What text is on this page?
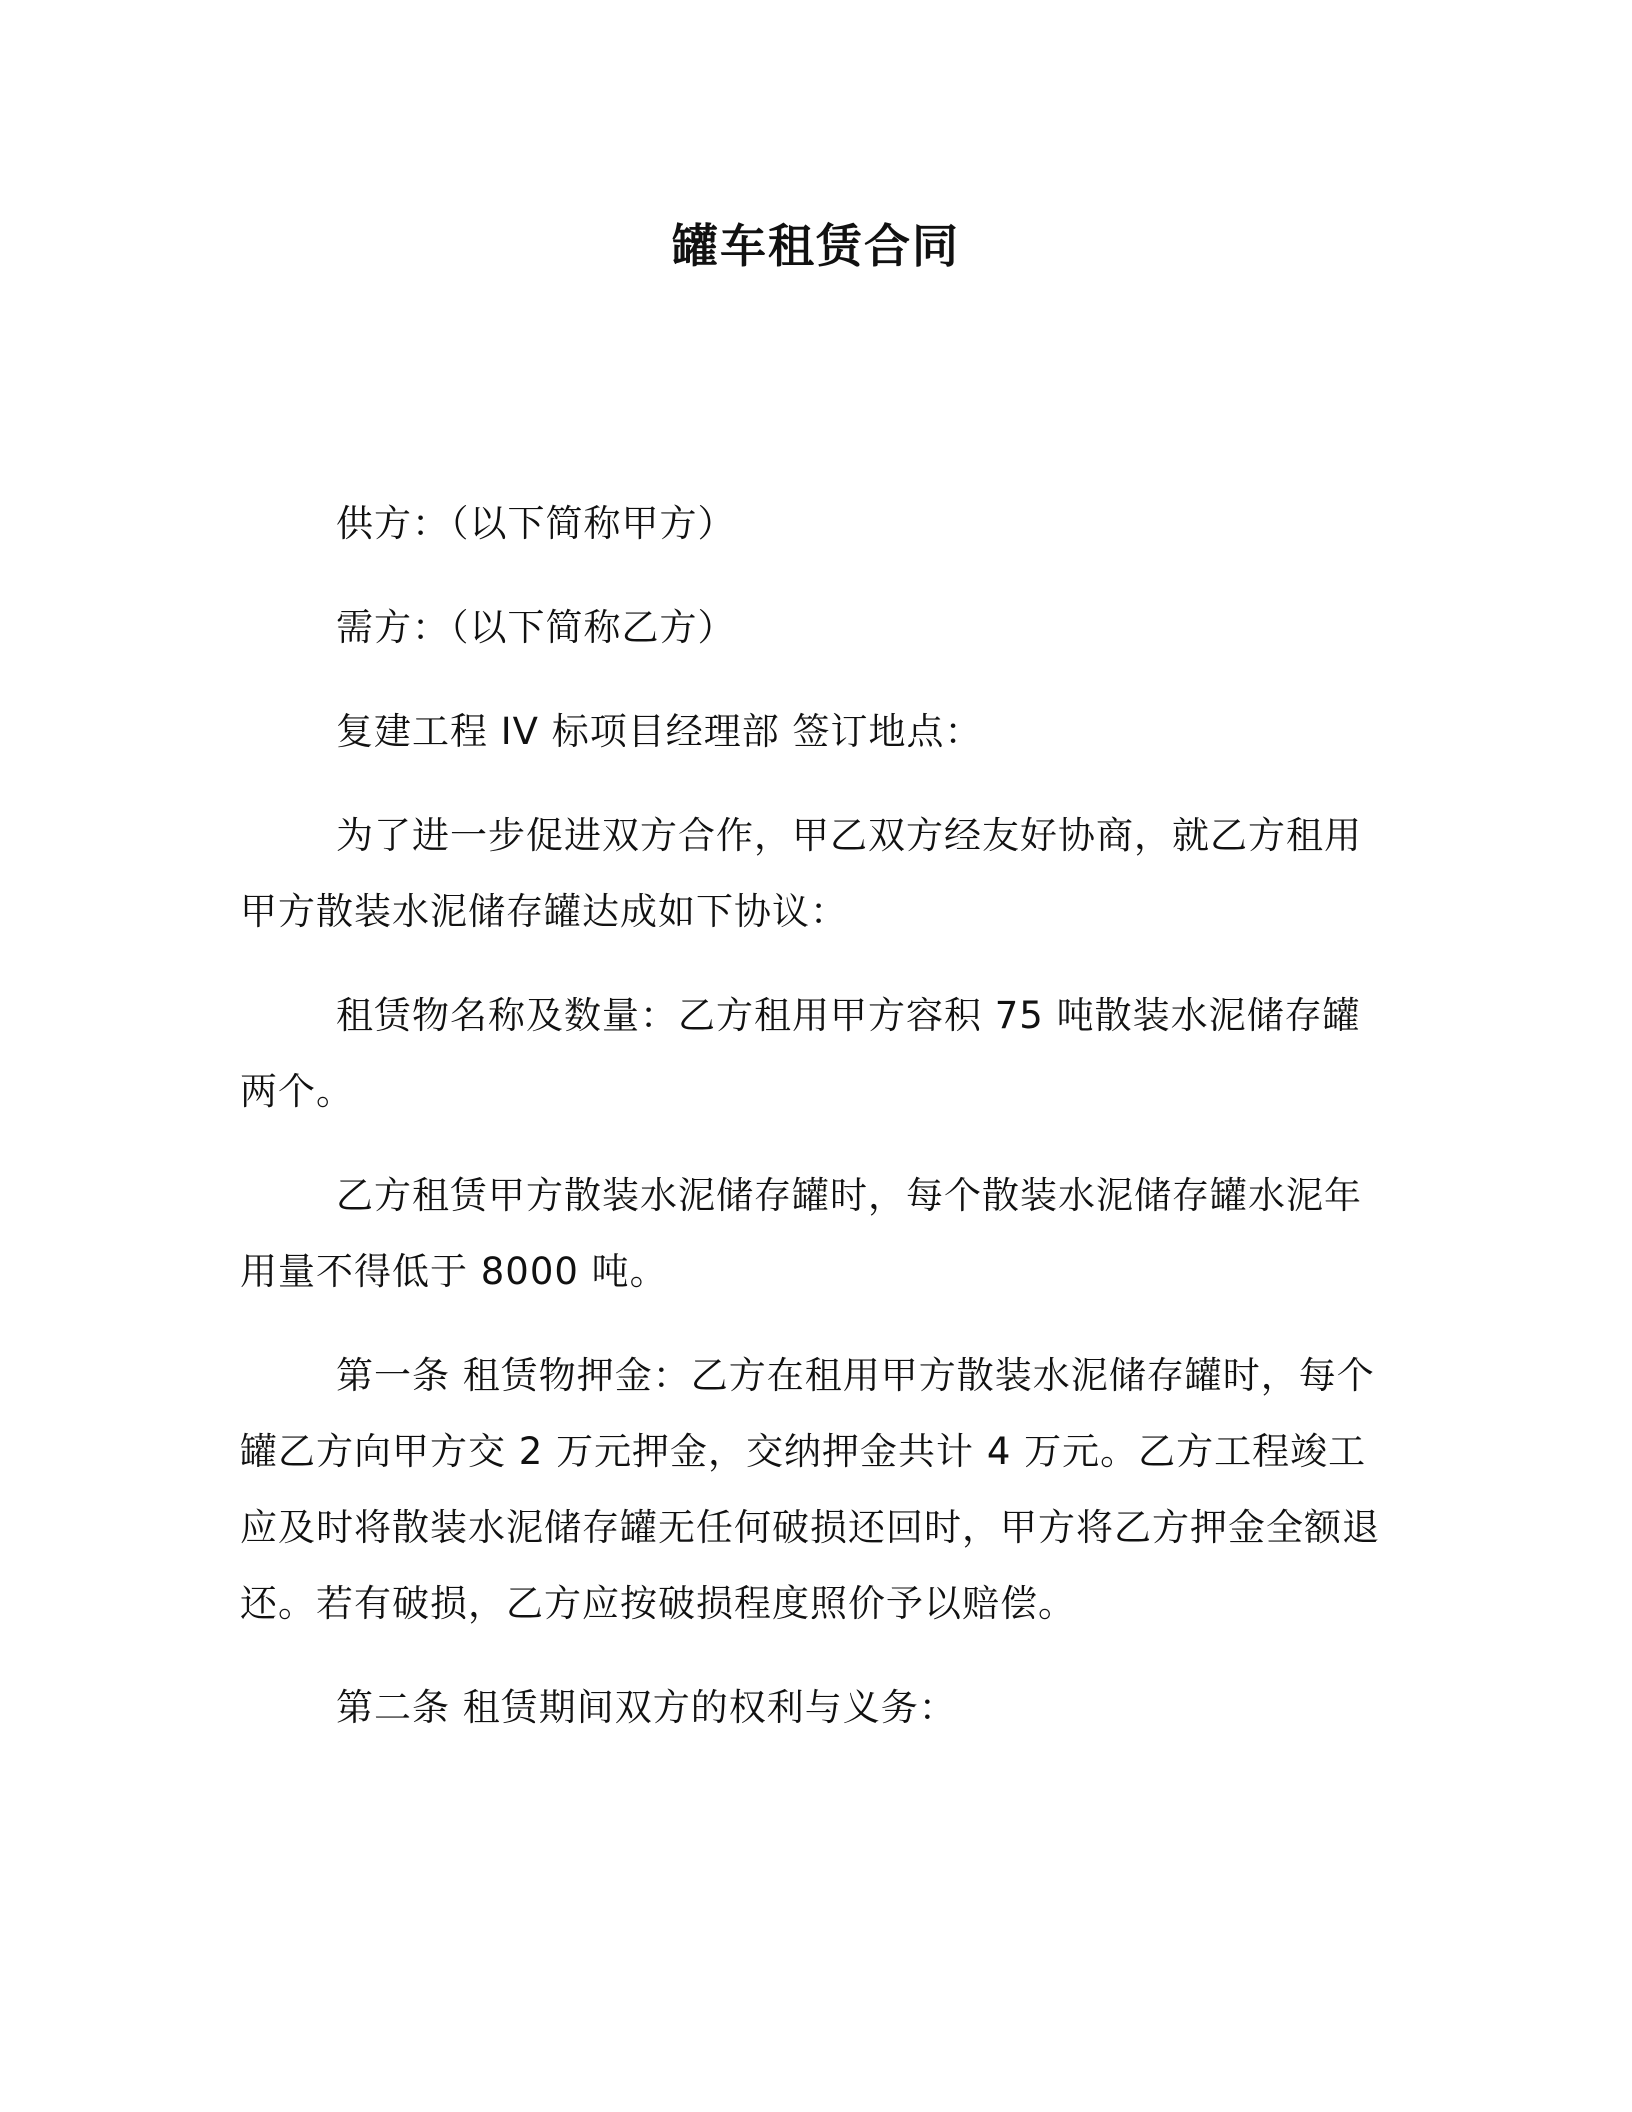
罐车租赁合同

供方：（以下简称甲方）

需方：（以下简称乙方）

复建工程 IV 标项目经理部 签订地点：

为了进一步促进双方合作，甲乙双方经友好协商，就乙方租用甲方散装水泥储存罐达成如下协议：

租赁物名称及数量：乙方租用甲方容积 75 吨散装水泥储存罐两个。

乙方租赁甲方散装水泥储存罐时，每个散装水泥储存罐水泥年用量不得低于 8000 吨。

第一条 租赁物押金：乙方在租用甲方散装水泥储存罐时，每个罐乙方向甲方交 2 万元押金，交纳押金共计 4 万元。乙方工程竣工应及时将散装水泥储存罐无任何破损还回时，甲方将乙方押金全额退还。若有破损，乙方应按破损程度照价予以赔偿。

第二条 租赁期间双方的权利与义务：
